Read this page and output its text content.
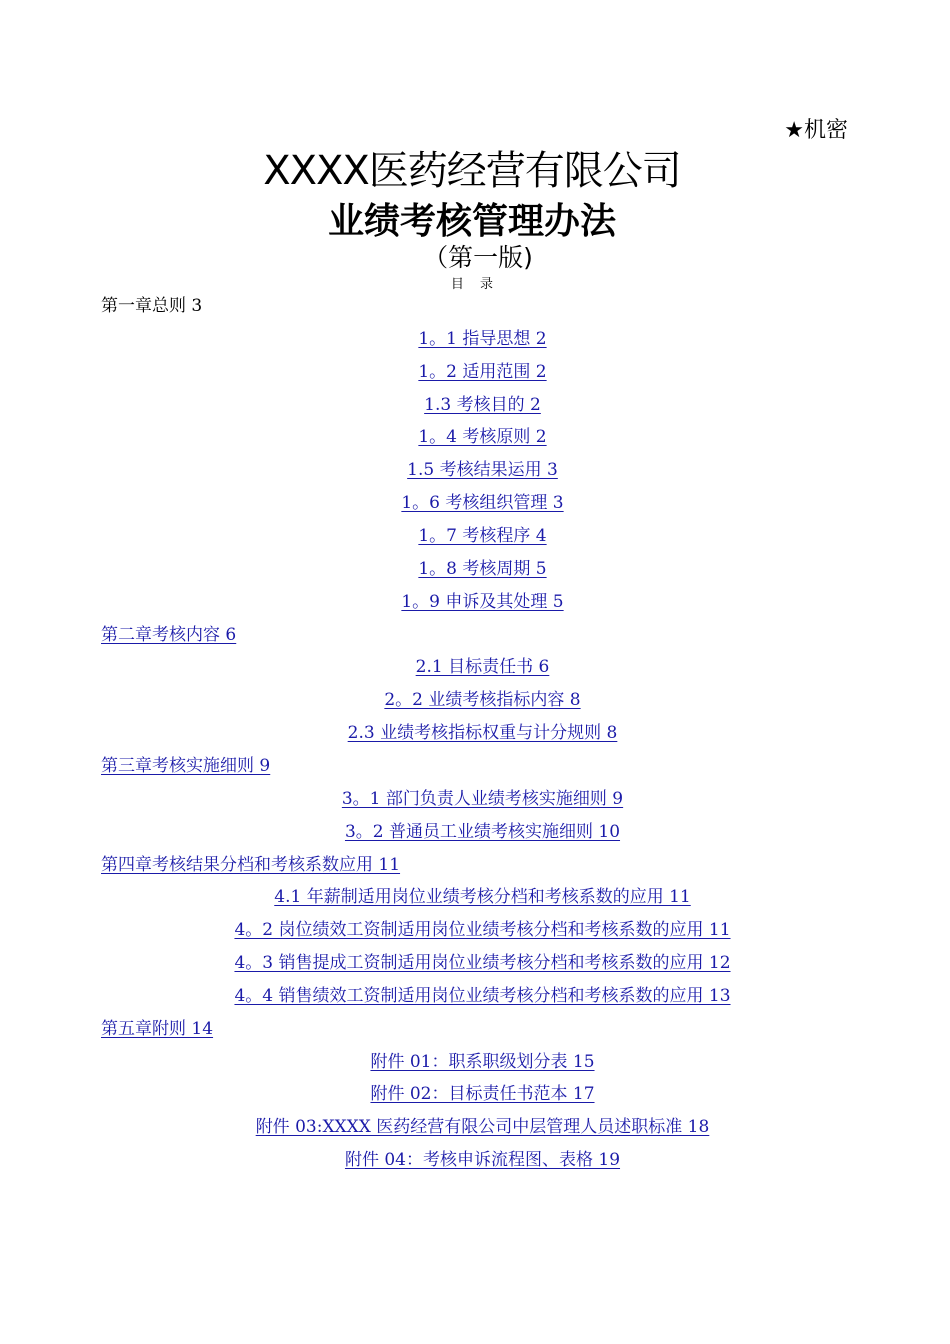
★机密
XXXX医药经营有限公司
业绩考核管理办法
（第一版)
目 录
第一章总则 3
1。1 指导思想 2
1。2 适用范围 2
1.3 考核目的 2
1。4 考核原则 2
1.5 考核结果运用 3
1。6 考核组织管理 3
1。7 考核程序 4
1。8 考核周期 5
1。9 申诉及其处理 5
第二章考核内容 6
2.1 目标责任书 6
2。2 业绩考核指标内容 8
2.3 业绩考核指标权重与计分规则 8
第三章考核实施细则 9
3。1 部门负责人业绩考核实施细则 9
3。2 普通员工业绩考核实施细则 10
第四章考核结果分档和考核系数应用 11
4.1 年薪制适用岗位业绩考核分档和考核系数的应用 11
4。2 岗位绩效工资制适用岗位业绩考核分档和考核系数的应用 11
4。3 销售提成工资制适用岗位业绩考核分档和考核系数的应用 12
4。4 销售绩效工资制适用岗位业绩考核分档和考核系数的应用 13
第五章附则 14
附件 01：职系职级划分表 15
附件 02：目标责任书范本 17
附件 03:XXXX 医药经营有限公司中层管理人员述职标准 18
附件 04：考核申诉流程图、表格 19
